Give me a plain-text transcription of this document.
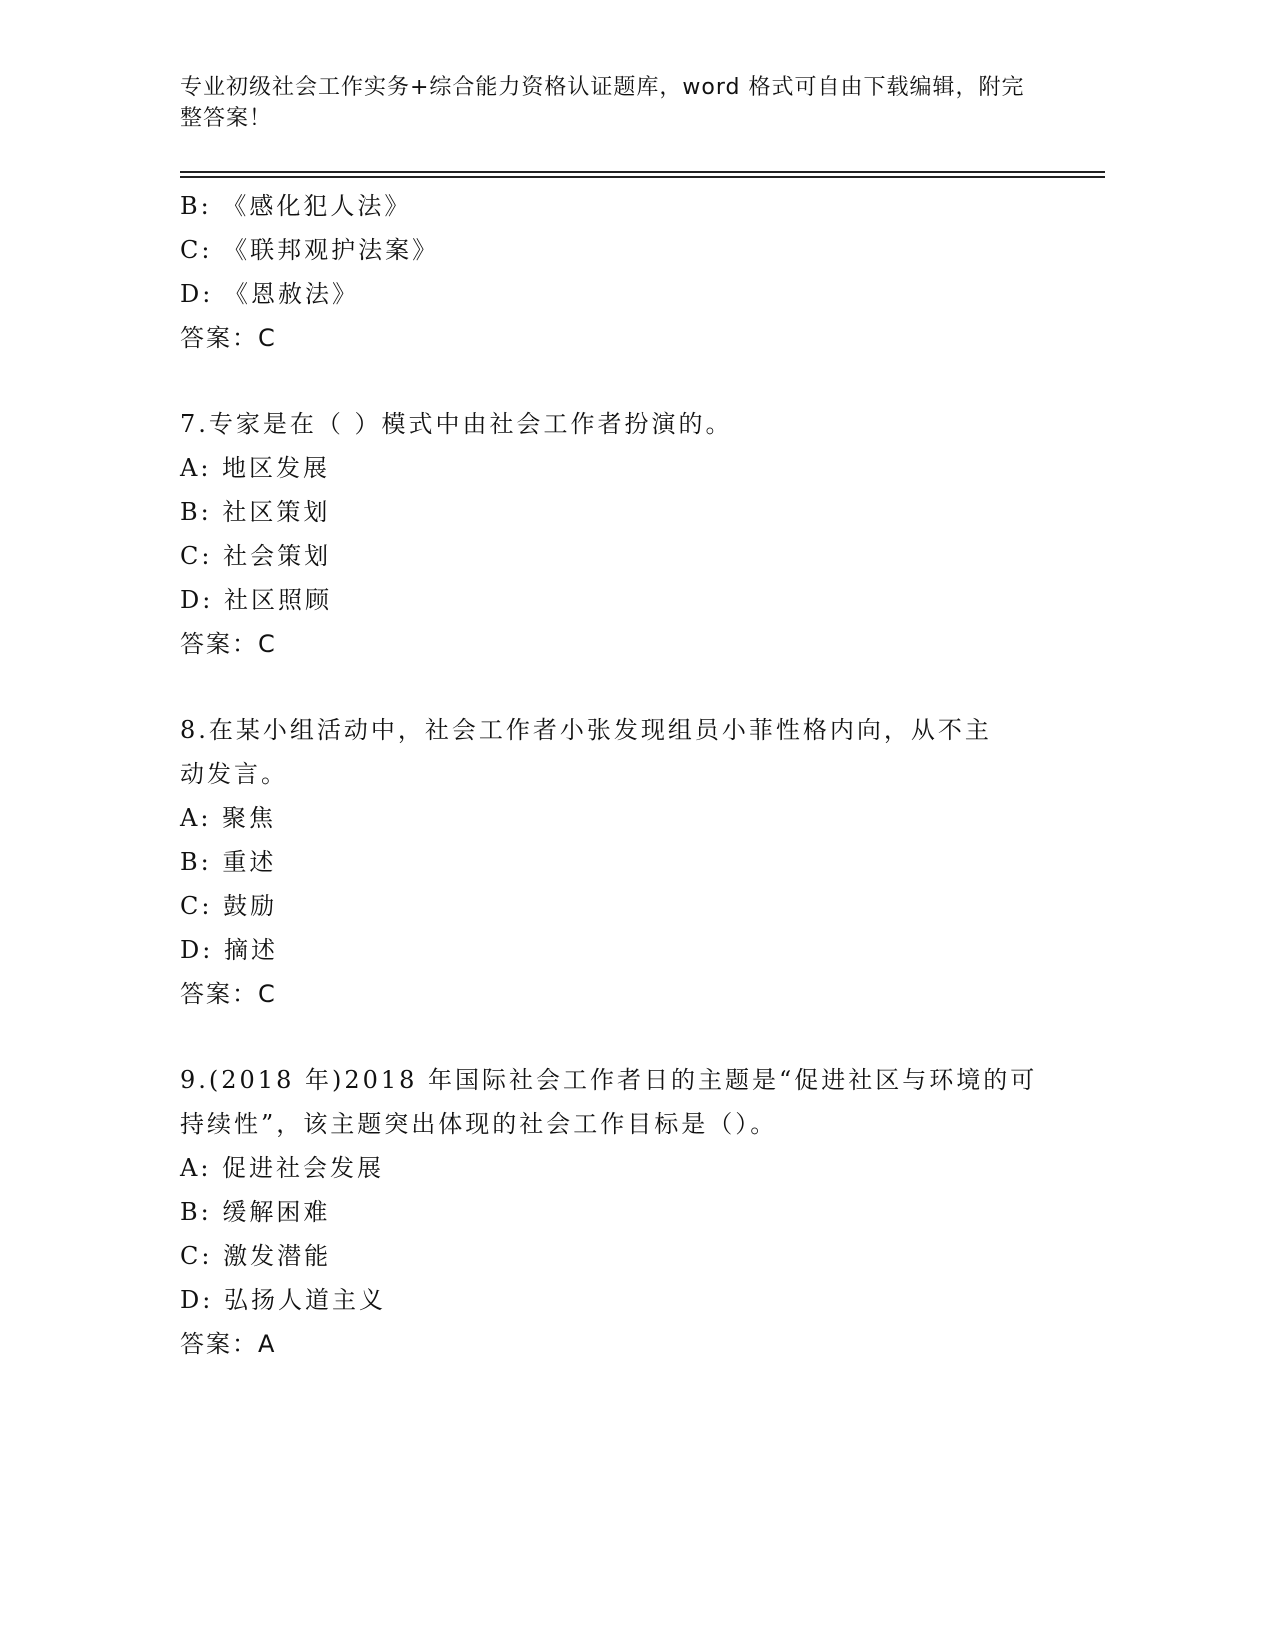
专业初级社会工作实务+综合能力资格认证题库，word 格式可自由下载编辑，附完
整答案！
B: 《感化犯人法》
C: 《联邦观护法案》
D: 《恩赦法》
答案：C
7.专家是在（ ）模式中由社会工作者扮演的。
A: 地区发展
B: 社区策划
C: 社会策划
D: 社区照顾
答案：C
8.在某小组活动中，社会工作者小张发现组员小菲性格内向，从不主
动发言。
A: 聚焦
B: 重述
C: 鼓励
D: 摘述
答案：C
9.(2018 年)2018 年国际社会工作者日的主题是“促进社区与环境的可
持续性”，该主题突出体现的社会工作目标是（）。
A: 促进社会发展
B: 缓解困难
C: 激发潜能
D: 弘扬人道主义
答案：A
